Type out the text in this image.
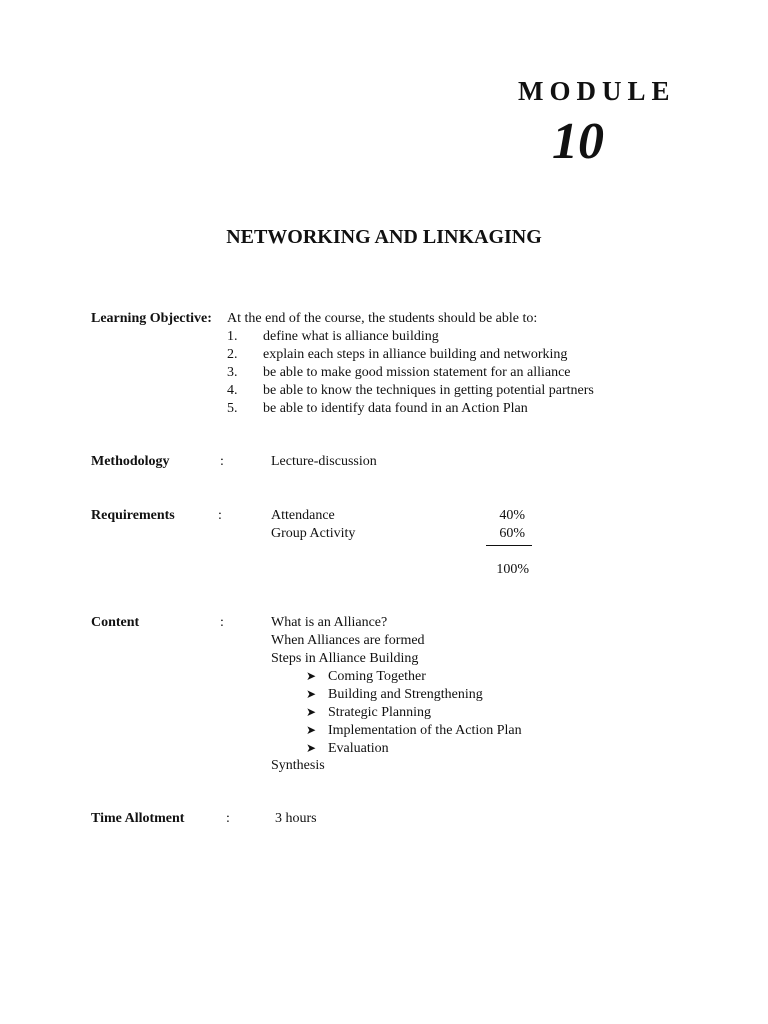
MODULE
10
NETWORKING AND LINKAGING
Learning Objective: At the end of the course, the students should be able to:
1. define what is alliance building
2. explain each steps in alliance building and networking
3. be able to make good mission statement for an alliance
4. be able to know the techniques in getting potential partners
5. be able to identify data found in an Action Plan
Methodology	:	Lecture-discussion
Requirements	:	Attendance	40%
Group Activity	60%
100%
Content	:	What is an Alliance?
When Alliances are formed
Steps in Alliance Building
➤ Coming Together
➤ Building and Strengthening
➤ Strategic Planning
➤ Implementation of the Action Plan
➤ Evaluation
Synthesis
Time Allotment	:	3 hours
